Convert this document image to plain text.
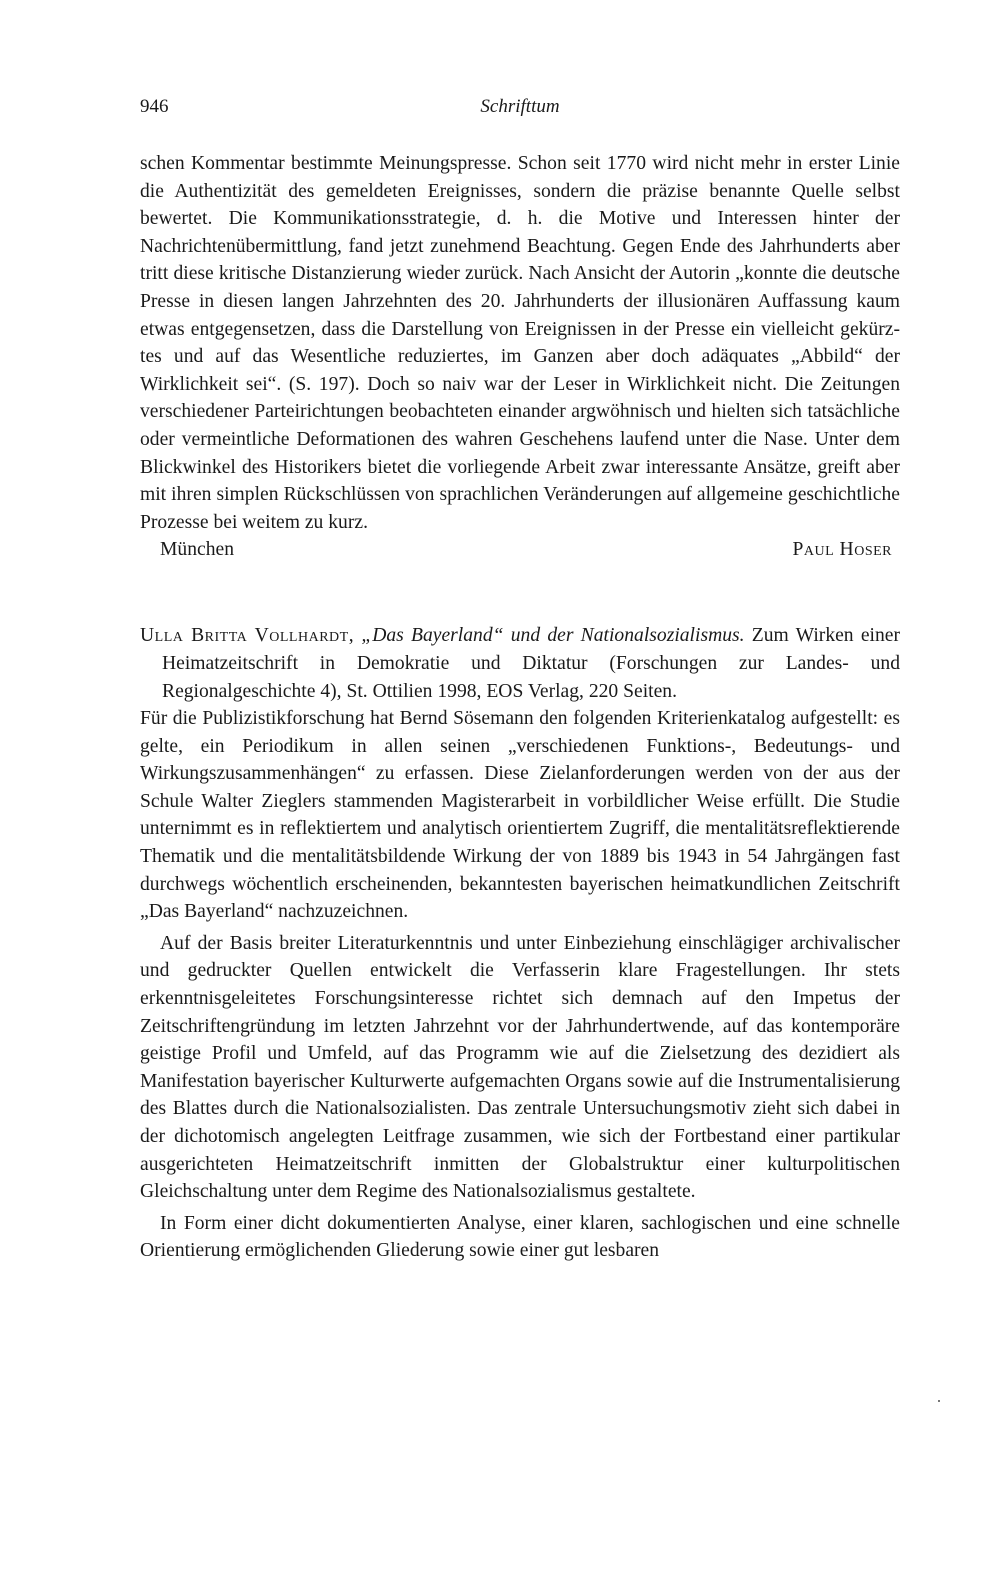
946	Schrifttum

schen Kommentar bestimmte Meinungspresse. Schon seit 1770 wird nicht mehr in erster Linie die Authentizität des gemeldeten Ereignisses, sondern die präzise benannte Quelle selbst bewertet. Die Kommunikationsstrategie, d. h. die Motive und Interessen hinter der Nachrichtenübermittlung, fand jetzt zunehmend Beachtung. Gegen Ende des Jahrhunderts aber tritt diese kritische Distanzierung wieder zurück. Nach Ansicht der Autorin „konnte die deutsche Presse in diesen langen Jahrzehnten des 20. Jahrhunderts der illusionären Auffassung kaum etwas entgegensetzen, dass die Darstellung von Ereignissen in der Presse ein vielleicht gekürztes und auf das Wesentliche reduziertes, im Ganzen aber doch adäquates „Abbild“ der Wirklichkeit sei“. (S. 197). Doch so naiv war der Leser in Wirklichkeit nicht. Die Zeitungen verschiedener Parteirichtungen beobachteten einander argwöhnisch und hielten sich tatsächliche oder vermeintliche Deformationen des wahren Geschehens laufend unter die Nase. Unter dem Blickwinkel des Historikers bietet die vorliegende Arbeit zwar interessante Ansätze, greift aber mit ihren simplen Rückschlüssen von sprachlichen Veränderungen auf allgemeine geschichtliche Prozesse bei weitem zu kurz.

München	Paul Hoser
Ulla Britta Vollhardt, „Das Bayerland“ und der Nationalsozialismus. Zum Wirken einer Heimatzeitschrift in Demokratie und Diktatur (Forschungen zur Landes- und Regionalgeschichte 4), St. Ottilien 1998, EOS Verlag, 220 Seiten.

Für die Publizistikforschung hat Bernd Sösemann den folgenden Kriterienkatalog aufgestellt: es gelte, ein Periodikum in allen seinen „verschiedenen Funktions-, Bedeutungs- und Wirkungszusammenhängen“ zu erfassen. Diese Zielanforderungen werden von der aus der Schule Walter Zieglers stammenden Magisterarbeit in vorbildlicher Weise erfüllt. Die Studie unternimmt es in reflektiertem und analytisch orientiertem Zugriff, die mentalitätsreflektierende Thematik und die mentalitätsbildende Wirkung der von 1889 bis 1943 in 54 Jahrgängen fast durchwegs wöchentlich erscheinenden, bekanntesten bayerischen heimatkundlichen Zeitschrift „Das Bayerland“ nachzuzeichnen.

Auf der Basis breiter Literaturkenntnis und unter Einbeziehung einschlägiger archivalischer und gedruckter Quellen entwickelt die Verfasserin klare Fragestellungen. Ihr stets erkenntnisgeleitetes Forschungsinteresse richtet sich demnach auf den Impetus der Zeitschriftengründung im letzten Jahrzehnt vor der Jahrhundertwende, auf das kontemporäre geistige Profil und Umfeld, auf das Programm wie auf die Zielsetzung des dezidiert als Manifestation bayerischer Kulturwerte aufgemachten Organs sowie auf die Instrumentalisierung des Blattes durch die Nationalsozialisten. Das zentrale Untersuchungsmotiv zieht sich dabei in der dichotomisch angelegten Leitfrage zusammen, wie sich der Fortbestand einer partikular ausgerichteten Heimatzeitschrift inmitten der Globalstruktur einer kulturpolitischen Gleichschaltung unter dem Regime des Nationalsozialismus gestaltete.

In Form einer dicht dokumentierten Analyse, einer klaren, sachlogischen und eine schnelle Orientierung ermöglichenden Gliederung sowie einer gut lesbaren
